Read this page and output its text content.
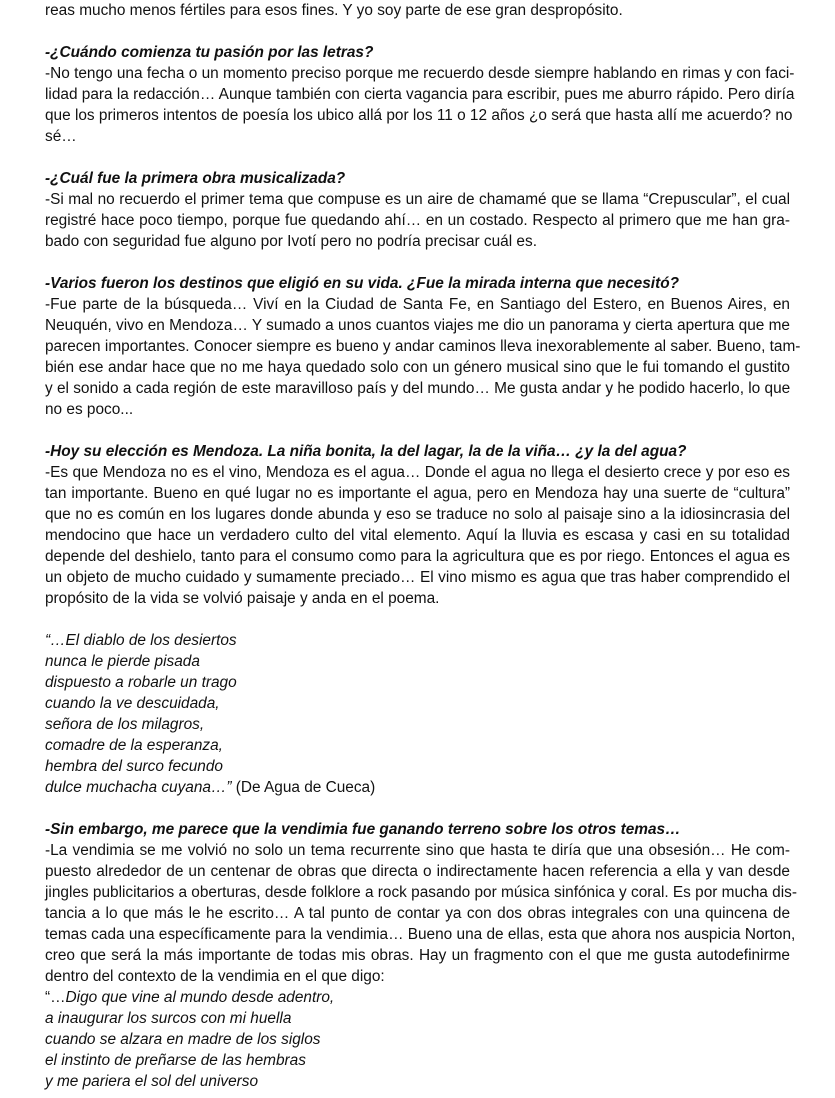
reas mucho menos fértiles para esos fines. Y yo soy parte de ese gran despropósito.
-¿Cuándo comienza tu pasión por las letras?
-No tengo una fecha o un momento preciso porque me recuerdo desde siempre hablando en rimas y con faci-
lidad para la redacción… Aunque también con cierta vagancia para escribir, pues me aburro rápido. Pero diría
que los primeros intentos de poesía los ubico allá por los 11 o 12 años ¿o será que hasta allí me acuerdo? no
sé…
-¿Cuál fue la primera obra musicalizada?
-Si mal no recuerdo el primer tema que compuse es un aire de chamamé que se llama “Crepuscular”, el cual
registré hace poco tiempo, porque fue quedando ahí… en un costado. Respecto al primero que me han gra-
bado con seguridad fue alguno por Ivotí pero no podría precisar cuál es.
-Varios fueron los destinos que eligió en su vida. ¿Fue la mirada interna que necesitó?
-Fue parte de la búsqueda… Viví en la Ciudad de Santa Fe, en Santiago del Estero, en Buenos Aires, en
Neuquén, vivo en Mendoza… Y sumado a unos cuantos viajes me dio un panorama y cierta apertura que me
parecen importantes. Conocer siempre es bueno y andar caminos lleva inexorablemente al saber. Bueno, tam-
bién ese andar hace que no me haya quedado solo con un género musical sino que le fui tomando el gustito
y el sonido a cada región de este maravilloso país y del mundo… Me gusta andar y he podido hacerlo, lo que
no es poco...
-Hoy su elección es Mendoza. La niña bonita, la del lagar, la de la viña… ¿y la del agua?
-Es que Mendoza no es el vino, Mendoza es el agua… Donde el agua no llega el desierto crece y por eso es
tan importante. Bueno en qué lugar no es importante el agua, pero en Mendoza hay una suerte de “cultura”
que no es común en los lugares donde abunda y eso se traduce no solo al paisaje sino a la idiosincrasia del
mendocino que hace un verdadero culto del vital elemento. Aquí la lluvia es escasa y casi en su totalidad
depende del deshielo, tanto para el consumo como para la agricultura que es por riego. Entonces el agua es
un objeto de mucho cuidado y sumamente preciado… El vino mismo es agua que tras haber comprendido el
propósito de la vida se volvió paisaje y anda en el poema.
“…El diablo de los desiertos
nunca le pierde pisada
dispuesto a robarle un trago
cuando la ve descuidada,
señora de los milagros,
comadre de la esperanza,
hembra del surco fecundo
dulce muchacha cuyana…” (De Agua de Cueca)
-Sin embargo, me parece que la vendimia fue ganando terreno sobre los otros temas…
-La vendimia se me volvió no solo un tema recurrente sino que hasta te diría que una obsesión… He com-
puesto alrededor de un centenar de obras que directa o indirectamente hacen referencia a ella y van desde
jingles publicitarios a oberturas, desde folklore a rock pasando por música sinfónica y coral. Es por mucha dis-
tancia a lo que más le he escrito… A tal punto de contar ya con dos obras integrales con una quincena de
temas cada una específicamente para la vendimia… Bueno una de ellas, esta que ahora nos auspicia Norton,
creo que será la más importante de todas mis obras. Hay un fragmento con el que me gusta autodefinirme
dentro del contexto de la vendimia en el que digo:
“…Digo que vine al mundo desde adentro,
a inaugurar los surcos con mi huella
cuando se alzara en madre de los siglos
el instinto de preñarse de las hembras
y me pariera el sol del universo
